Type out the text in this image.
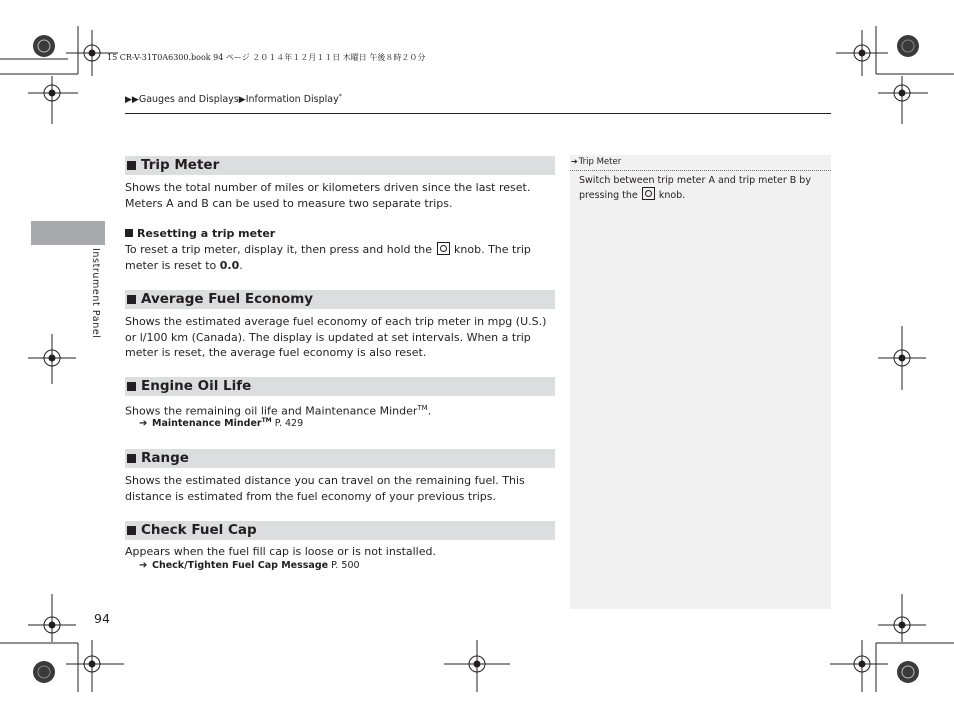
15 CR-V-31T0A6300.book 94 ページ ２０１４年１２月１１日 木曜日 午後８時２０分
▶▶Gauges and Displays▶Information Display*
Instrument Panel
Trip Meter
Shows the total number of miles or kilometers driven since the last reset. Meters A and B can be used to measure two separate trips.
Resetting a trip meter
To reset a trip meter, display it, then press and hold the knob. The trip meter is reset to 0.0.
Average Fuel Economy
Shows the estimated average fuel economy of each trip meter in mpg (U.S.) or l/100 km (Canada). The display is updated at set intervals. When a trip meter is reset, the average fuel economy is also reset.
Engine Oil Life
Shows the remaining oil life and Maintenance Minder™.
➔ Maintenance Minder™ P. 429
Range
Shows the estimated distance you can travel on the remaining fuel. This distance is estimated from the fuel economy of your previous trips.
Check Fuel Cap
Appears when the fuel fill cap is loose or is not installed.
➔ Check/Tighten Fuel Cap Message P. 500
➔Trip Meter
Switch between trip meter A and trip meter B by pressing the knob.
94
